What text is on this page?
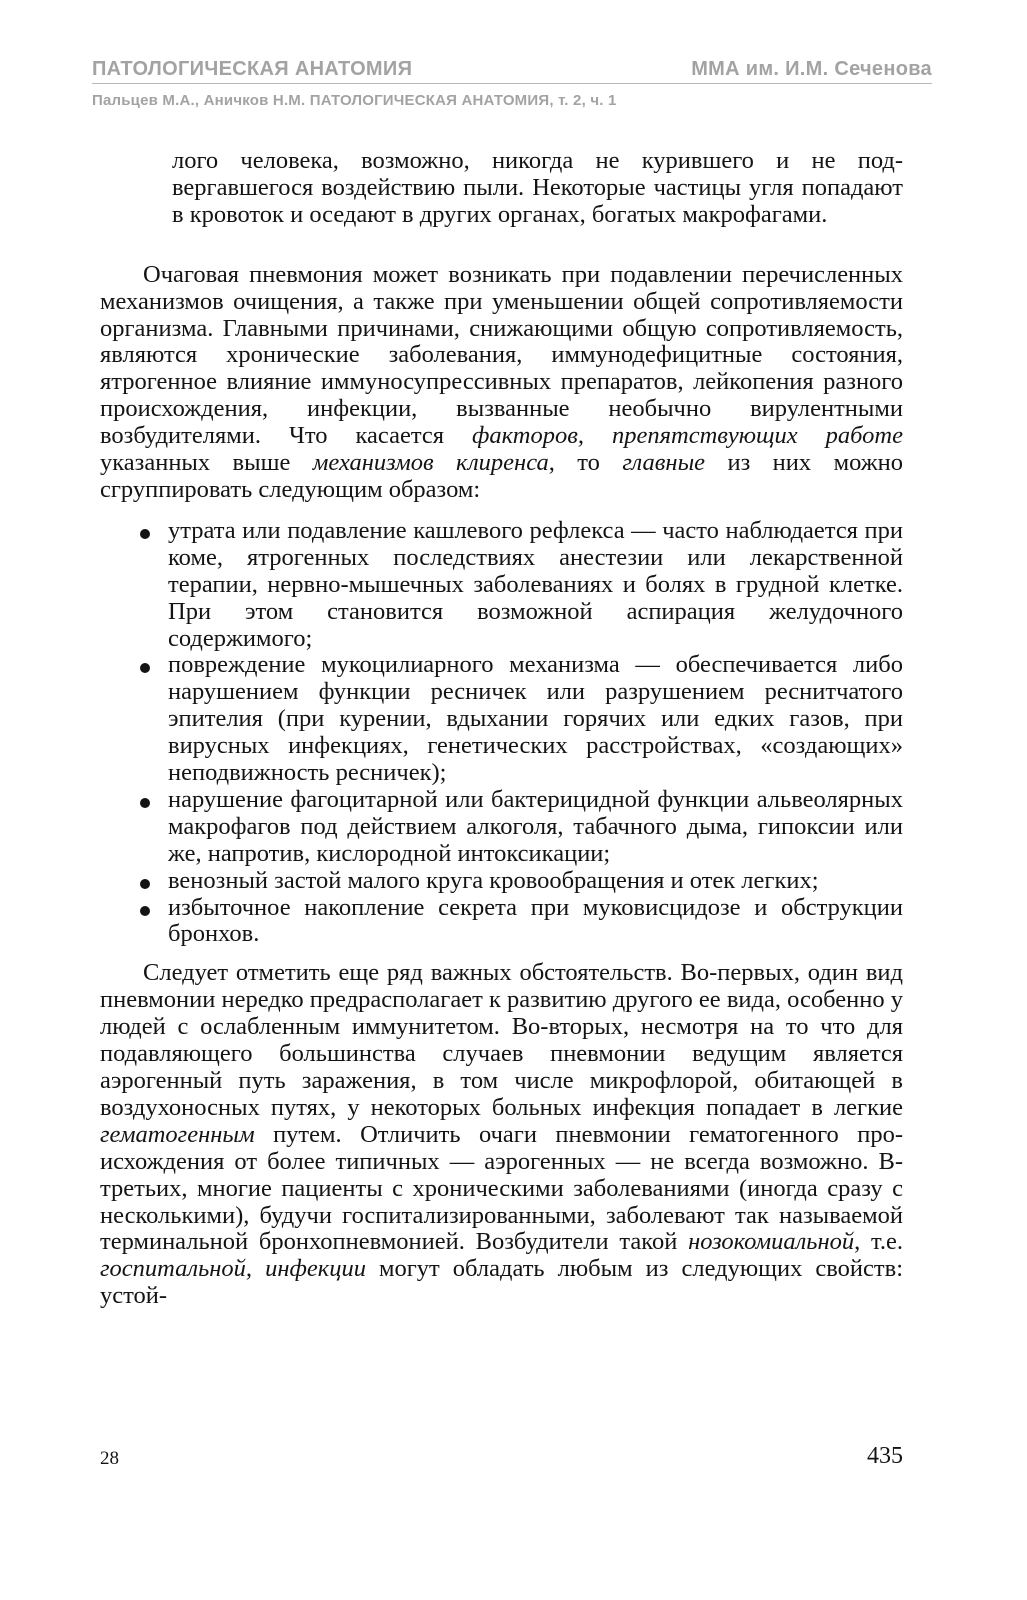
ПАТОЛОГИЧЕСКАЯ АНАТОМИЯ	ММА им. И.М. Сеченова
Пальцев М.А., Аничков Н.М. ПАТОЛОГИЧЕСКАЯ АНАТОМИЯ, т. 2, ч. 1

лого человека, возможно, никогда не курившего и не подвергавшегося воздействию пыли. Некоторые частицы угля попадают в кровоток и оседают в других органах, богатых макрофагами.

Очаговая пневмония может возникать при подавлении перечисленных механизмов очищения, а также при уменьшении общей сопротивляемости организма. Главными причинами, снижающими общую сопротивляемость, являются хронические заболевания, иммунодефицитные состояния, ятрогенное влияние иммуносупрессивных препаратов, лейкопения разного происхождения, инфекции, вызванные необычно вирулентными возбудителями. Что касается факторов, препятствующих работе указанных выше механизмов клиренса, то главные из них можно сгруппировать следующим образом:

утрата или подавление кашлевого рефлекса — часто наблюдается при коме, ятрогенных последствиях анестезии или лекарственной терапии, нервно-мышечных заболеваниях и болях в грудной клетке. При этом становится возможной аспирация желудочного содержимого;
повреждение мукоцилиарного механизма — обеспечивается либо нарушением функции ресничек или разрушением реснитчатого эпителия (при курении, вдыхании горячих или едких газов, при вирусных инфекциях, генетических расстройствах, «создающих» неподвижность ресничек);
нарушение фагоцитарной или бактерицидной функции альвеолярных макрофагов под действием алкоголя, табачного дыма, гипоксии или же, напротив, кислородной интоксикации;
венозный застой малого круга кровообращения и отек легких;
избыточное накопление секрета при муковисцидозе и обструкции бронхов.

Следует отметить еще ряд важных обстоятельств. Во-первых, один вид пневмонии нередко предрасполагает к развитию другого ее вида, особенно у людей с ослабленным иммунитетом. Во-вторых, несмотря на то что для подавляющего большинства случаев пневмонии ведущим является аэрогенный путь заражения, в том числе микрофлорой, обитающей в воздухоносных путях, у некоторых больных инфекция попадает в легкие гематогенным путем. Отличить очаги пневмонии гематогенного происхождения от более типичных — аэрогенных — не всегда возможно. В-третьих, многие пациенты с хроническими заболеваниями (иногда сразу с несколькими), будучи госпитализированными, заболевают так называемой терминальной бронхопневмонией. Возбудители такой нозокомиальной, т.е. госпитальной, инфекции могут обладать любым из следующих свойств: устой-

28	435
